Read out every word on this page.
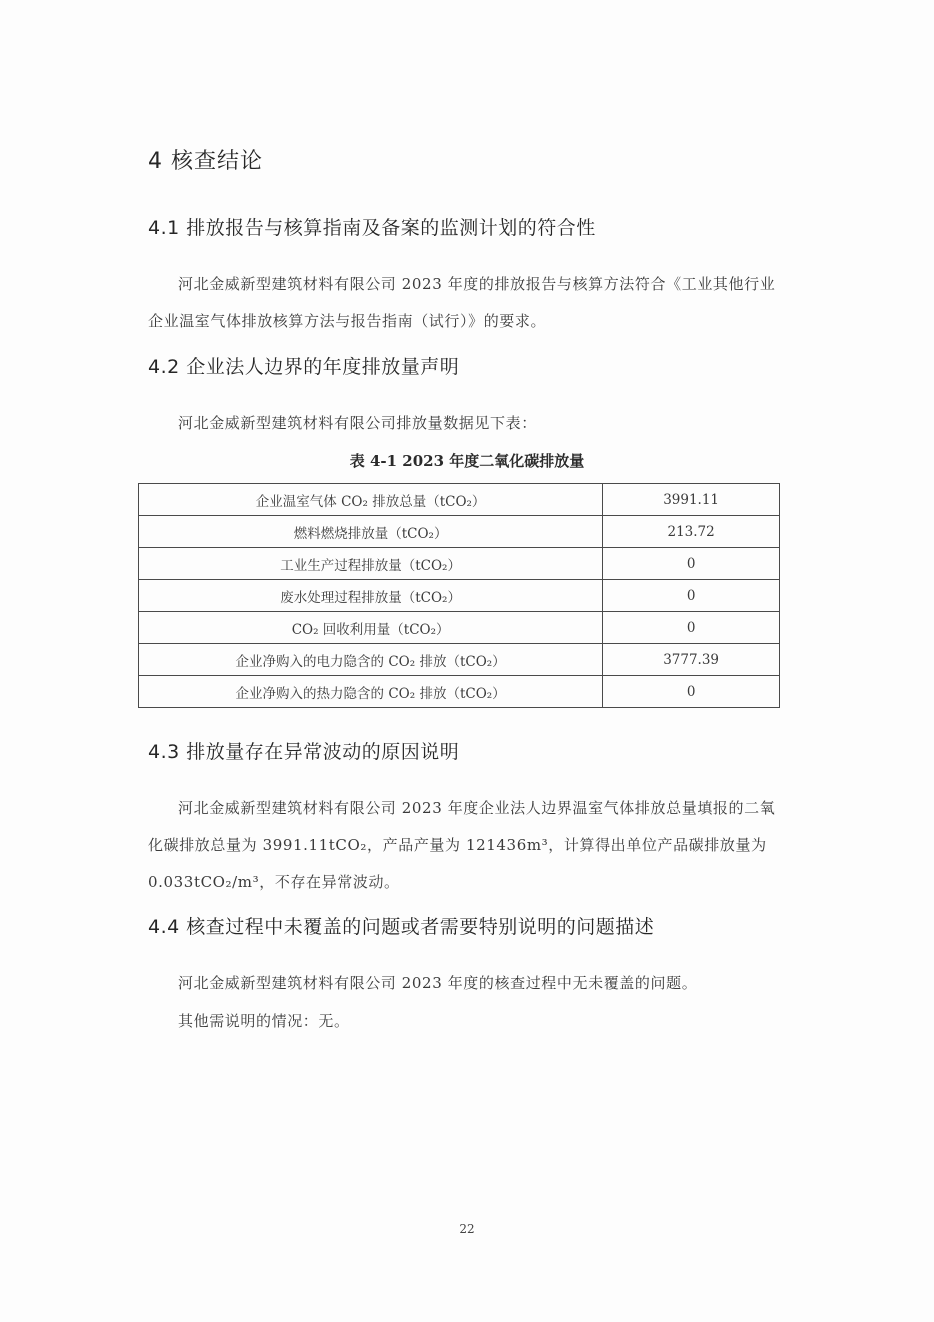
4 核查结论
4.1 排放报告与核算指南及备案的监测计划的符合性
河北金威新型建筑材料有限公司 2023 年度的排放报告与核算方法符合《工业其他行业企业温室气体排放核算方法与报告指南（试行）》的要求。
4.2 企业法人边界的年度排放量声明
河北金威新型建筑材料有限公司排放量数据见下表：
表 4-1 2023 年度二氧化碳排放量
企业温室气体 CO₂ 排放总量（tCO₂）	3991.11
燃料燃烧排放量（tCO₂）	213.72
工业生产过程排放量（tCO₂）	0
废水处理过程排放量（tCO₂）	0
CO₂ 回收利用量（tCO₂）	0
企业净购入的电力隐含的 CO₂ 排放（tCO₂）	3777.39
企业净购入的热力隐含的 CO₂ 排放（tCO₂）	0
4.3 排放量存在异常波动的原因说明
河北金威新型建筑材料有限公司 2023 年度企业法人边界温室气体排放总量填报的二氧化碳排放总量为 3991.11tCO₂，产品产量为 121436m³，计算得出单位产品碳排放量为 0.033tCO₂/m³，不存在异常波动。
4.4 核查过程中未覆盖的问题或者需要特别说明的问题描述
河北金威新型建筑材料有限公司 2023 年度的核查过程中无未覆盖的问题。
其他需说明的情况：无。
22
